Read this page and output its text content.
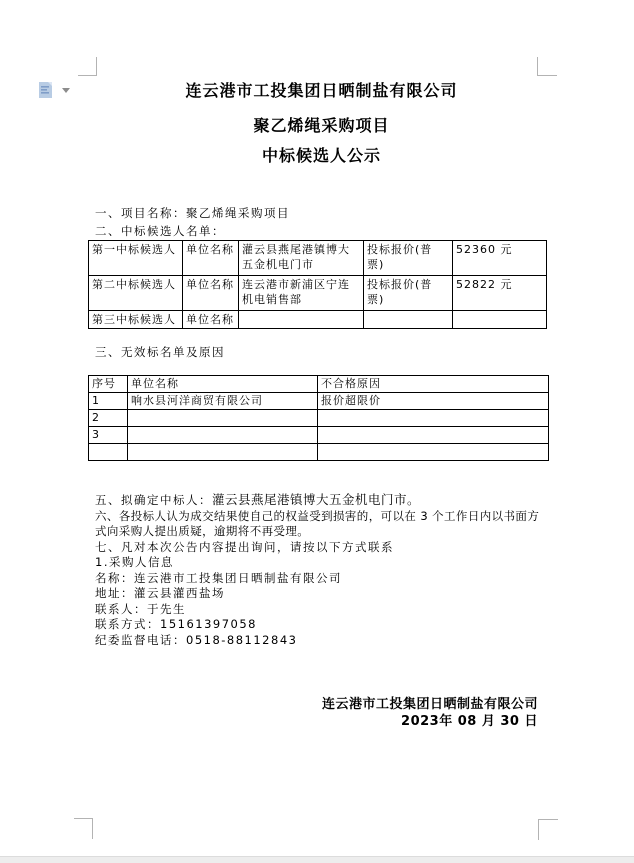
连云港市工投集团日晒制盐有限公司
聚乙烯绳采购项目
中标候选人公示
一、项目名称：聚乙烯绳采购项目
二、中标候选人名单：
第一中标候选人	单位名称	灌云县燕尾港镇博大五金机电门市	投标报价(普票)	52360 元
第二中标候选人	单位名称	连云港市新浦区宁连机电销售部	投标报价(普票)	52822 元
第三中标候选人	单位名称			
三、无效标名单及原因
序号	单位名称	不合格原因
1	响水县河洋商贸有限公司	报价超限价
2		
3		

五、拟确定中标人：灌云县燕尾港镇博大五金机电门市。

六、各投标人认为成交结果使自己的权益受到损害的，可以在 3 个工作日内以书面方式向采购人提出质疑，逾期将不再受理。

七、凡对本次公告内容提出询问，请按以下方式联系

1.采购人信息

名称：连云港市工投集团日晒制盐有限公司

地址：灌云县灌西盐场

联系人：于先生

联系方式：15161397058

纪委监督电话：0518-88112843

连云港市工投集团日晒制盐有限公司
2023年 08 月 30 日
